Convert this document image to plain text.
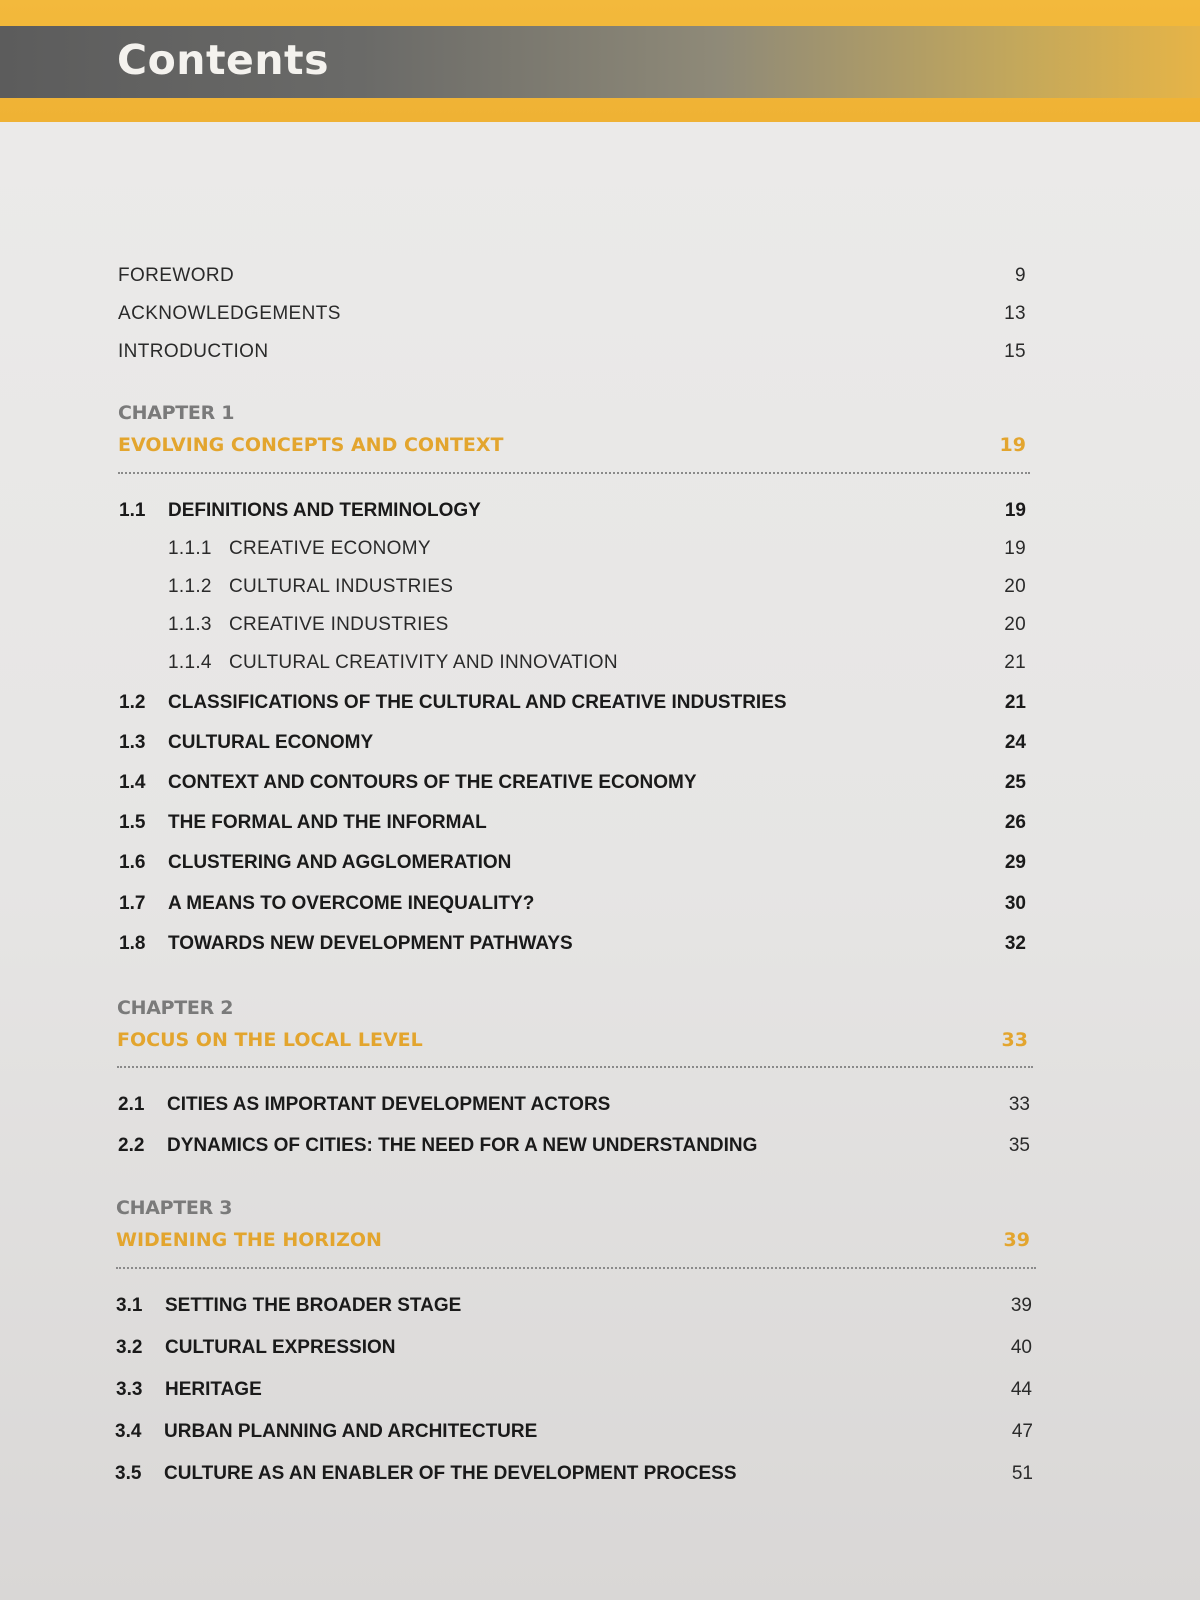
Contents
FOREWORD	9
ACKNOWLEDGEMENTS	13
INTRODUCTION	15
CHAPTER 1
EVOLVING CONCEPTS AND CONTEXT	19
1.1 DEFINITIONS AND TERMINOLOGY	19
1.1.1 CREATIVE ECONOMY	19
1.1.2 CULTURAL INDUSTRIES	20
1.1.3 CREATIVE INDUSTRIES	20
1.1.4 CULTURAL CREATIVITY AND INNOVATION	21
1.2 CLASSIFICATIONS OF THE CULTURAL AND CREATIVE INDUSTRIES	21
1.3 CULTURAL ECONOMY	24
1.4 CONTEXT AND CONTOURS OF THE CREATIVE ECONOMY	25
1.5 THE FORMAL AND THE INFORMAL	26
1.6 CLUSTERING AND AGGLOMERATION	29
1.7 A MEANS TO OVERCOME INEQUALITY?	30
1.8 TOWARDS NEW DEVELOPMENT PATHWAYS	32
CHAPTER 2
FOCUS ON THE LOCAL LEVEL	33
2.1 CITIES AS IMPORTANT DEVELOPMENT ACTORS	33
2.2 DYNAMICS OF CITIES: THE NEED FOR A NEW UNDERSTANDING	35
CHAPTER 3
WIDENING THE HORIZON	39
3.1 SETTING THE BROADER STAGE	39
3.2 CULTURAL EXPRESSION	40
3.3 HERITAGE	44
3.4 URBAN PLANNING AND ARCHITECTURE	47
3.5 CULTURE AS AN ENABLER OF THE DEVELOPMENT PROCESS	51
